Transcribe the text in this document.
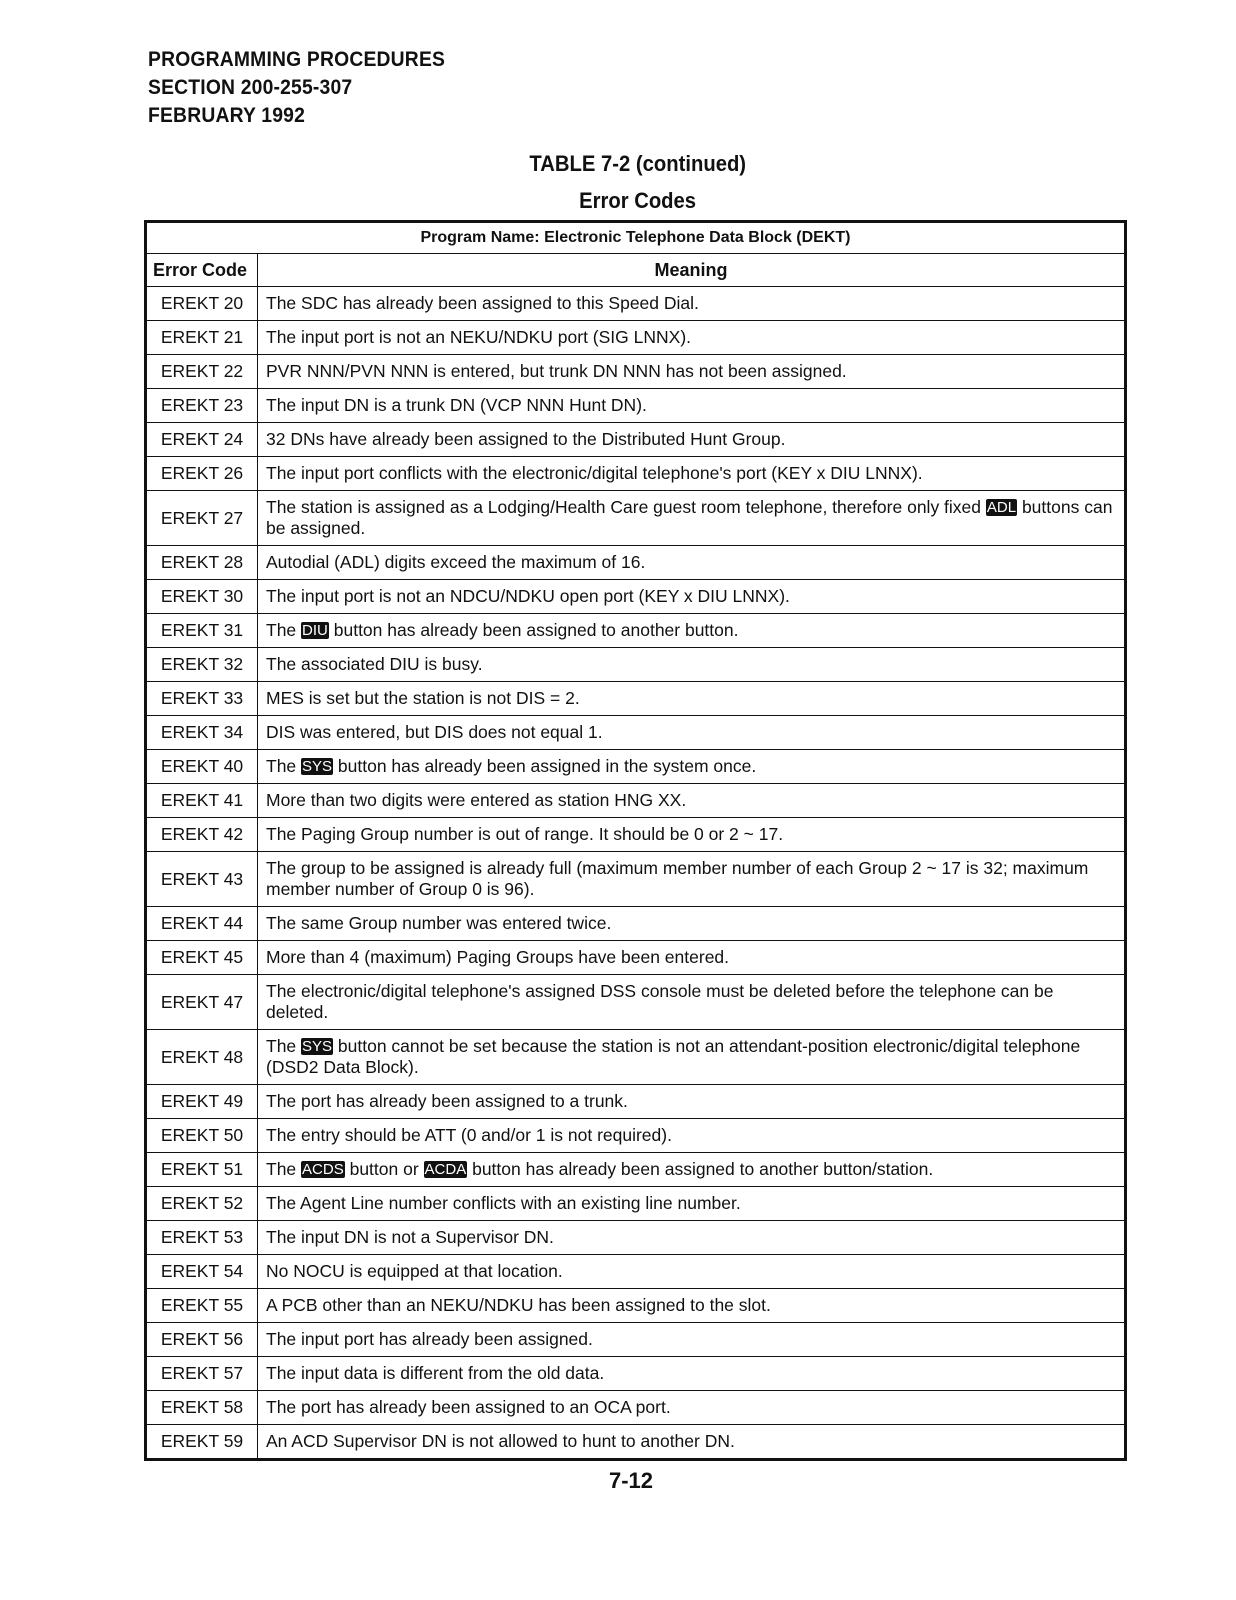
PROGRAMMING PROCEDURES
SECTION 200-255-307
FEBRUARY 1992
TABLE 7-2 (continued)
Error Codes
Program Name: Electronic Telephone Data Block (DEKT)	
Error Code	Meaning
EREKT 20	The SDC has already been assigned to this Speed Dial.
EREKT 21	The input port is not an NEKU/NDKU port (SIG LNNX).
EREKT 22	PVR NNN/PVN NNN is entered, but trunk DN NNN has not been assigned.
EREKT 23	The input DN is a trunk DN (VCP NNN Hunt DN).
EREKT 24	32 DNs have already been assigned to the Distributed Hunt Group.
EREKT 26	The input port conflicts with the electronic/digital telephone's port (KEY x DIU LNNX).
EREKT 27	The station is assigned as a Lodging/Health Care guest room telephone, therefore only fixed ADL buttons can be assigned.
EREKT 28	Autodial (ADL) digits exceed the maximum of 16.
EREKT 30	The input port is not an NDCU/NDKU open port (KEY x DIU LNNX).
EREKT 31	The DIU button has already been assigned to another button.
EREKT 32	The associated DIU is busy.
EREKT 33	MES is set but the station is not DIS = 2.
EREKT 34	DIS was entered, but DIS does not equal 1.
EREKT 40	The SYS button has already been assigned in the system once.
EREKT 41	More than two digits were entered as station HNG XX.
EREKT 42	The Paging Group number is out of range. It should be 0 or 2 ~ 17.
EREKT 43	The group to be assigned is already full (maximum member number of each Group 2 ~ 17 is 32; maximum member number of Group 0 is 96).
EREKT 44	The same Group number was entered twice.
EREKT 45	More than 4 (maximum) Paging Groups have been entered.
EREKT 47	The electronic/digital telephone's assigned DSS console must be deleted before the telephone can be deleted.
EREKT 48	The SYS button cannot be set because the station is not an attendant-position electronic/digital telephone (DSD2 Data Block).
EREKT 49	The port has already been assigned to a trunk.
EREKT 50	The entry should be ATT (0 and/or 1 is not required).
EREKT 51	The ACDS button or ACDA button has already been assigned to another button/station.
EREKT 52	The Agent Line number conflicts with an existing line number.
EREKT 53	The input DN is not a Supervisor DN.
EREKT 54	No NOCU is equipped at that location.
EREKT 55	A PCB other than an NEKU/NDKU has been assigned to the slot.
EREKT 56	The input port has already been assigned.
EREKT 57	The input data is different from the old data.
EREKT 58	The port has already been assigned to an OCA port.
EREKT 59	An ACD Supervisor DN is not allowed to hunt to another DN.
7-12
